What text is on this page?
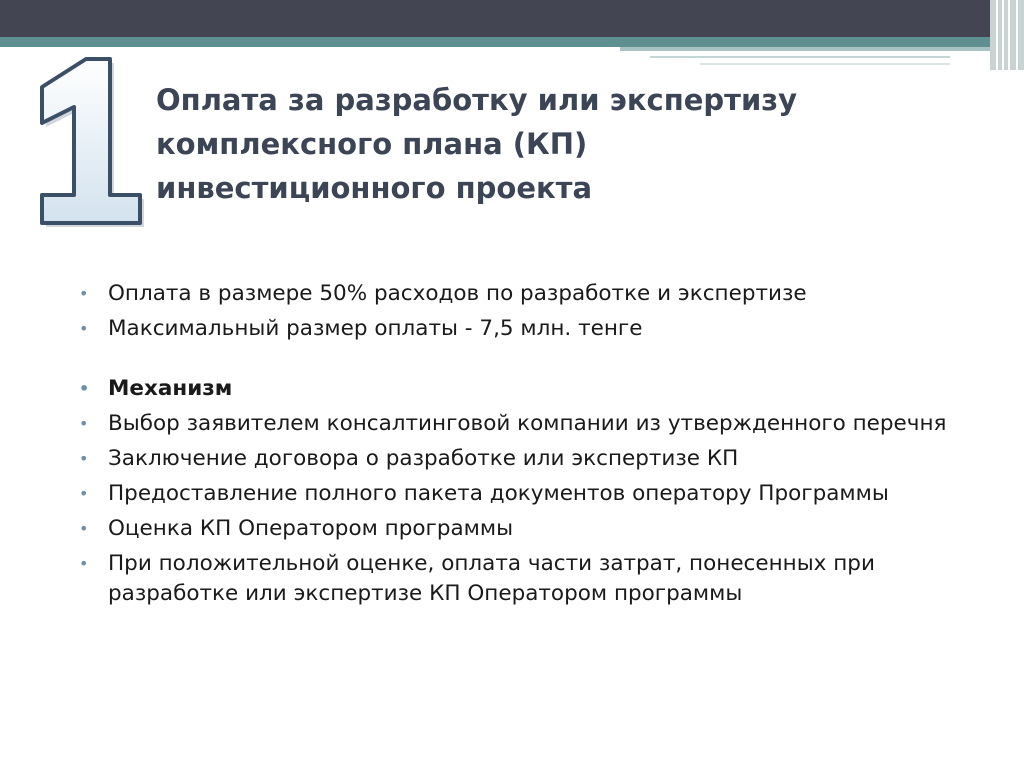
1
Оплата за разработку или экспертизу
комплексного плана (КП)
инвестиционного проекта
• Оплата в размере 50% расходов по разработке и экспертизе
• Максимальный размер оплаты - 7,5 млн. тенге
• Механизм
• Выбор заявителем консалтинговой компании из утвержденного перечня
• Заключение договора о разработке или экспертизе КП
• Предоставление полного пакета документов оператору Программы
• Оценка КП Оператором программы
• При положительной оценке, оплата части затрат, понесенных при разработке или экспертизе КП Оператором программы
